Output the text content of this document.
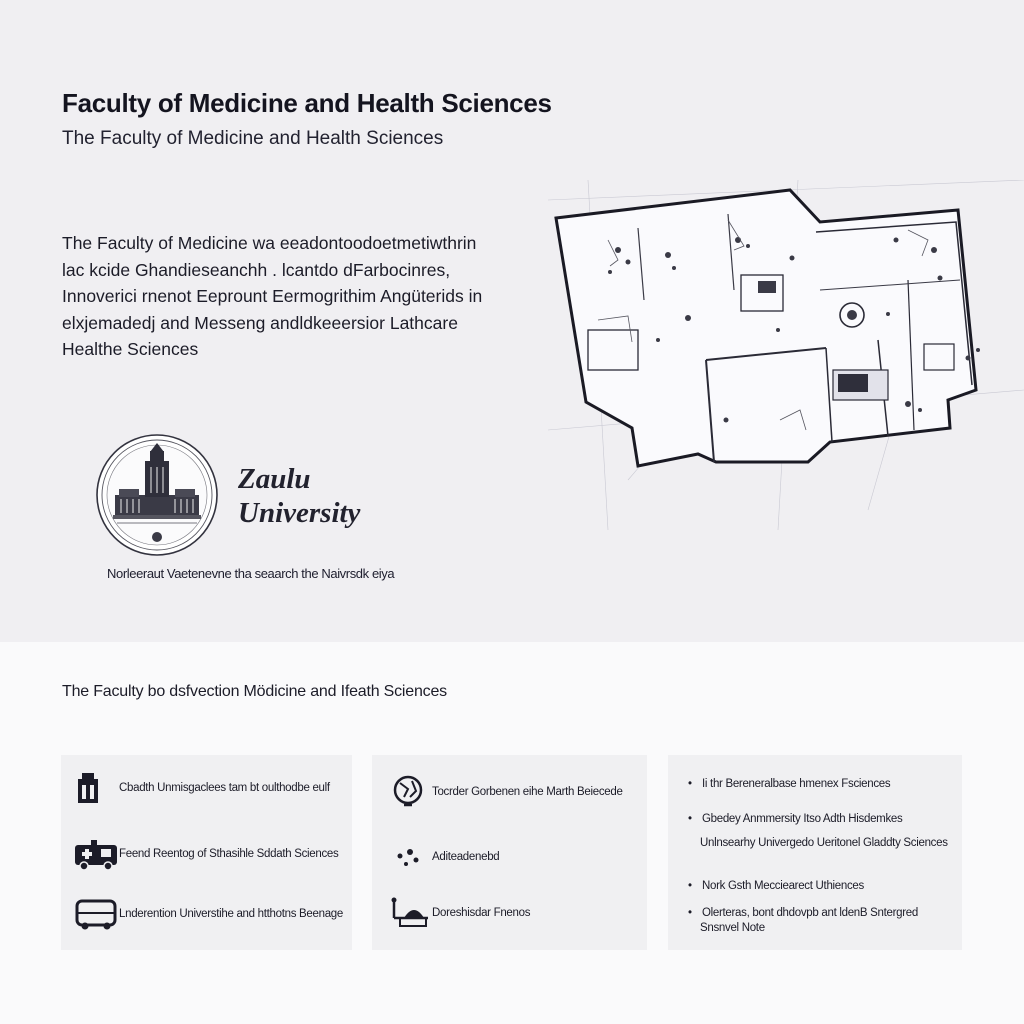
Faculty of Medicine and Health Sciences
The Faculty of Medicine and Health Sciences
The Faculty of Medicine wa eeadontoodoetmetiwthrin
lac kcide Ghandieseanchh . lcantdo dFarbocinres,
Innoverici rnenot Eeprount Eermogrithim Angüterids in
elxjemadedj and Messeng andldkeeersior Lathcare
Healthe Sciences
Zaulu
University
Norleeraut Vaetenevne tha seaarch the Naivrsdk eiya
The Faculty bo dsfvection Mödicine and Ifeath Sciences
Cbadth Unmisgaclees tam bt oulthodbe eulf
Feend Reentog of Sthasihle Sddath Sciences
Lnderention Universtihe and htthotns Beenage
Tocrder Gorbenen eihe Marth Beiecede
Aditeadenebd
Doreshisdar Fnenos
• Ii thr Bereneralbase hmenex Fsciences
• Gbedey Anmmersity Itso Adth Hisdemkes
Unlnsearhy Univergedo Ueritonel Gladdty Sciences
• Nork Gsth Mecciearect Uthiences
• Olerteras, bont dhdovpb ant ldenB Sntergred
Snsnvel Note
